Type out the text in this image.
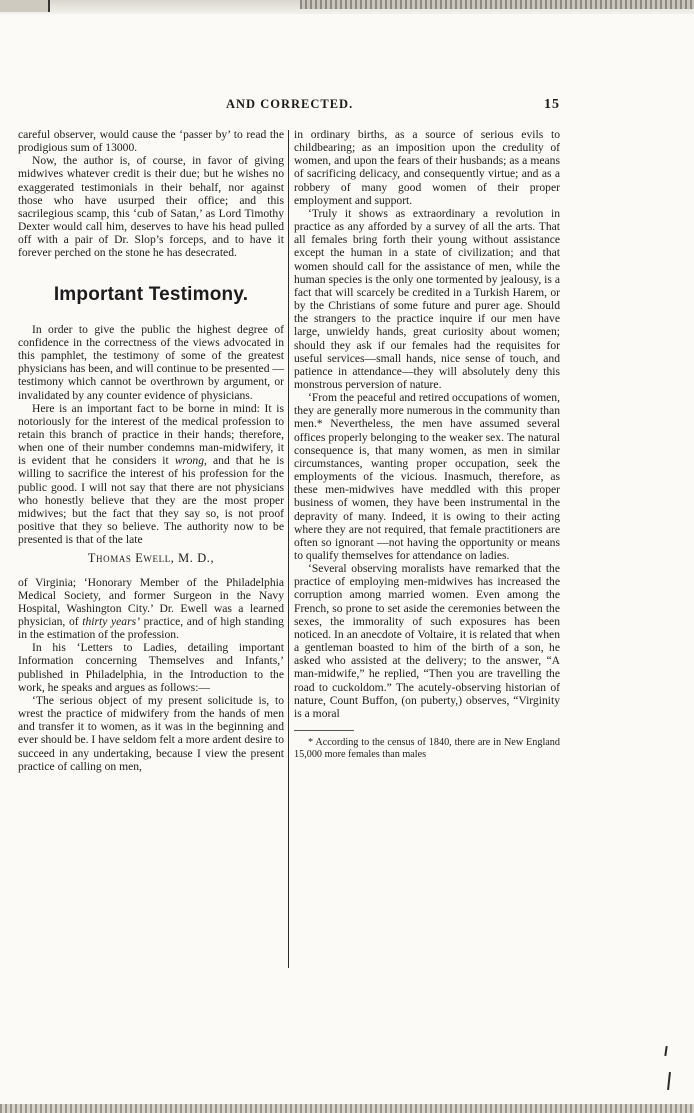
AND CORRECTED.	15

careful observer, would cause the ‘passer by’ to read the prodigious sum of 13000.

Now, the author is, of course, in favor of giving midwives whatever credit is their due; but he wishes no exaggerated testimonials in their behalf, nor against those who have usurped their office; and this sacrilegious scamp, this ‘cub of Satan,’ as Lord Timothy Dexter would call him, deserves to have his head pulled off with a pair of Dr. Slop’s forceps, and to have it forever perched on the stone he has desecrated.

Important Testimony.

In order to give the public the highest degree of confidence in the correctness of the views advocated in this pamphlet, the testimony of some of the greatest physicians has been, and will continue to be presented —testimony which cannot be overthrown by argument, or invalidated by any counter evidence of physicians.

Here is an important fact to be borne in mind: It is notoriously for the interest of the medical profession to retain this branch of practice in their hands; therefore, when one of their number condemns man-midwifery, it is evident that he considers it wrong, and that he is willing to sacrifice the interest of his profession for the public good. I will not say that there are not physicians who honestly believe that they are the most proper midwives; but the fact that they say so, is not proof positive that they so believe. The authority now to be presented is that of the late

Thomas Ewell, M. D.,

of Virginia; ‘Honorary Member of the Philadelphia Medical Society, and former Surgeon in the Navy Hospital, Washington City.’ Dr. Ewell was a learned physician, of thirty years’ practice, and of high standing in the estimation of the profession.

In his ‘Letters to Ladies, detailing important Information concerning Themselves and Infants,’ published in Philadelphia, in the Introduction to the work, he speaks and argues as follows:—

‘The serious object of my present solicitude is, to wrest the practice of midwifery from the hands of men and transfer it to women, as it was in the beginning and ever should be. I have seldom felt a more ardent desire to succeed in any undertaking, because I view the present practice of calling on men,

in ordinary births, as a source of serious evils to childbearing; as an imposition upon the credulity of women, and upon the fears of their husbands; as a means of sacrificing delicacy, and consequently virtue; and as a robbery of many good women of their proper employment and support.

‘Truly it shows as extraordinary a revolution in practice as any afforded by a survey of all the arts. That all females bring forth their young without assistance except the human in a state of civilization; and that women should call for the assistance of men, while the human species is the only one tormented by jealousy, is a fact that will scarcely be credited in a Turkish Harem, or by the Christians of some future and purer age. Should the strangers to the practice inquire if our men have large, unwieldy hands, great curiosity about women; should they ask if our females had the requisites for useful services—small hands, nice sense of touch, and patience in attendance—they will absolutely deny this monstrous perversion of nature.

‘From the peaceful and retired occupations of women, they are generally more numerous in the community than men.* Nevertheless, the men have assumed several offices properly belonging to the weaker sex. The natural consequence is, that many women, as men in similar circumstances, wanting proper occupation, seek the employments of the vicious. Inasmuch, therefore, as these men-midwives have meddled with this proper business of women, they have been instrumental in the depravity of many. Indeed, it is owing to their acting where they are not required, that female practitioners are often so ignorant —not having the opportunity or means to qualify themselves for attendance on ladies.

‘Several observing moralists have remarked that the practice of employing men-midwives has increased the corruption among married women. Even among the French, so prone to set aside the ceremonies between the sexes, the immorality of such exposures has been noticed. In an anecdote of Voltaire, it is related that when a gentleman boasted to him of the birth of a son, he asked who assisted at the delivery; to the answer, “A man-midwife,” he replied, “Then you are travelling the road to cuckoldom.” The acutely-observing historian of nature, Count Buffon, (on puberty,) observes, “Virginity is a moral

* According to the census of 1840, there are in New England 15,000 more females than males
